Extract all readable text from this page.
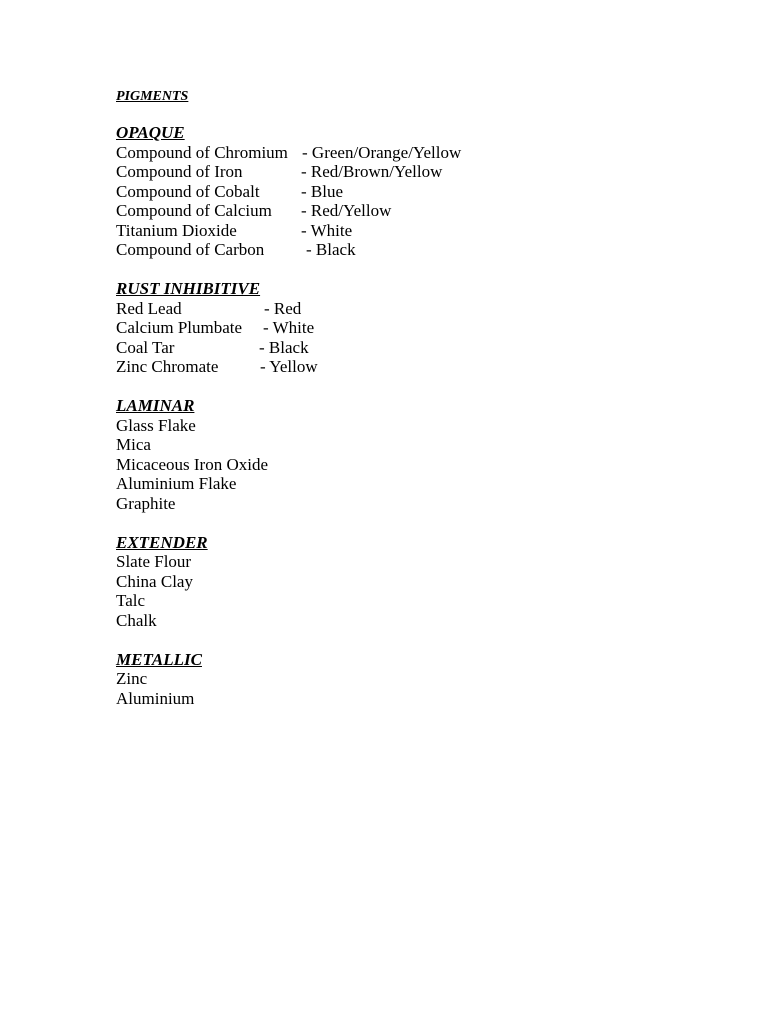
PIGMENTS
OPAQUE
Compound of Chromium - Green/Orange/Yellow
Compound of Iron	- Red/Brown/Yellow
Compound of Cobalt - Blue
Compound of Calcium - Red/Yellow
Titanium Dioxide	- White
Compound of Carbon - Black
RUST INHIBITIVE
Red Lead	- Red
Calcium Plumbate - White
Coal Tar	- Black
Zinc Chromate - Yellow
LAMINAR
Glass Flake
Mica
Micaceous Iron Oxide
Aluminium Flake
Graphite
EXTENDER
Slate Flour
China Clay
Talc
Chalk
METALLIC
Zinc
Aluminium
